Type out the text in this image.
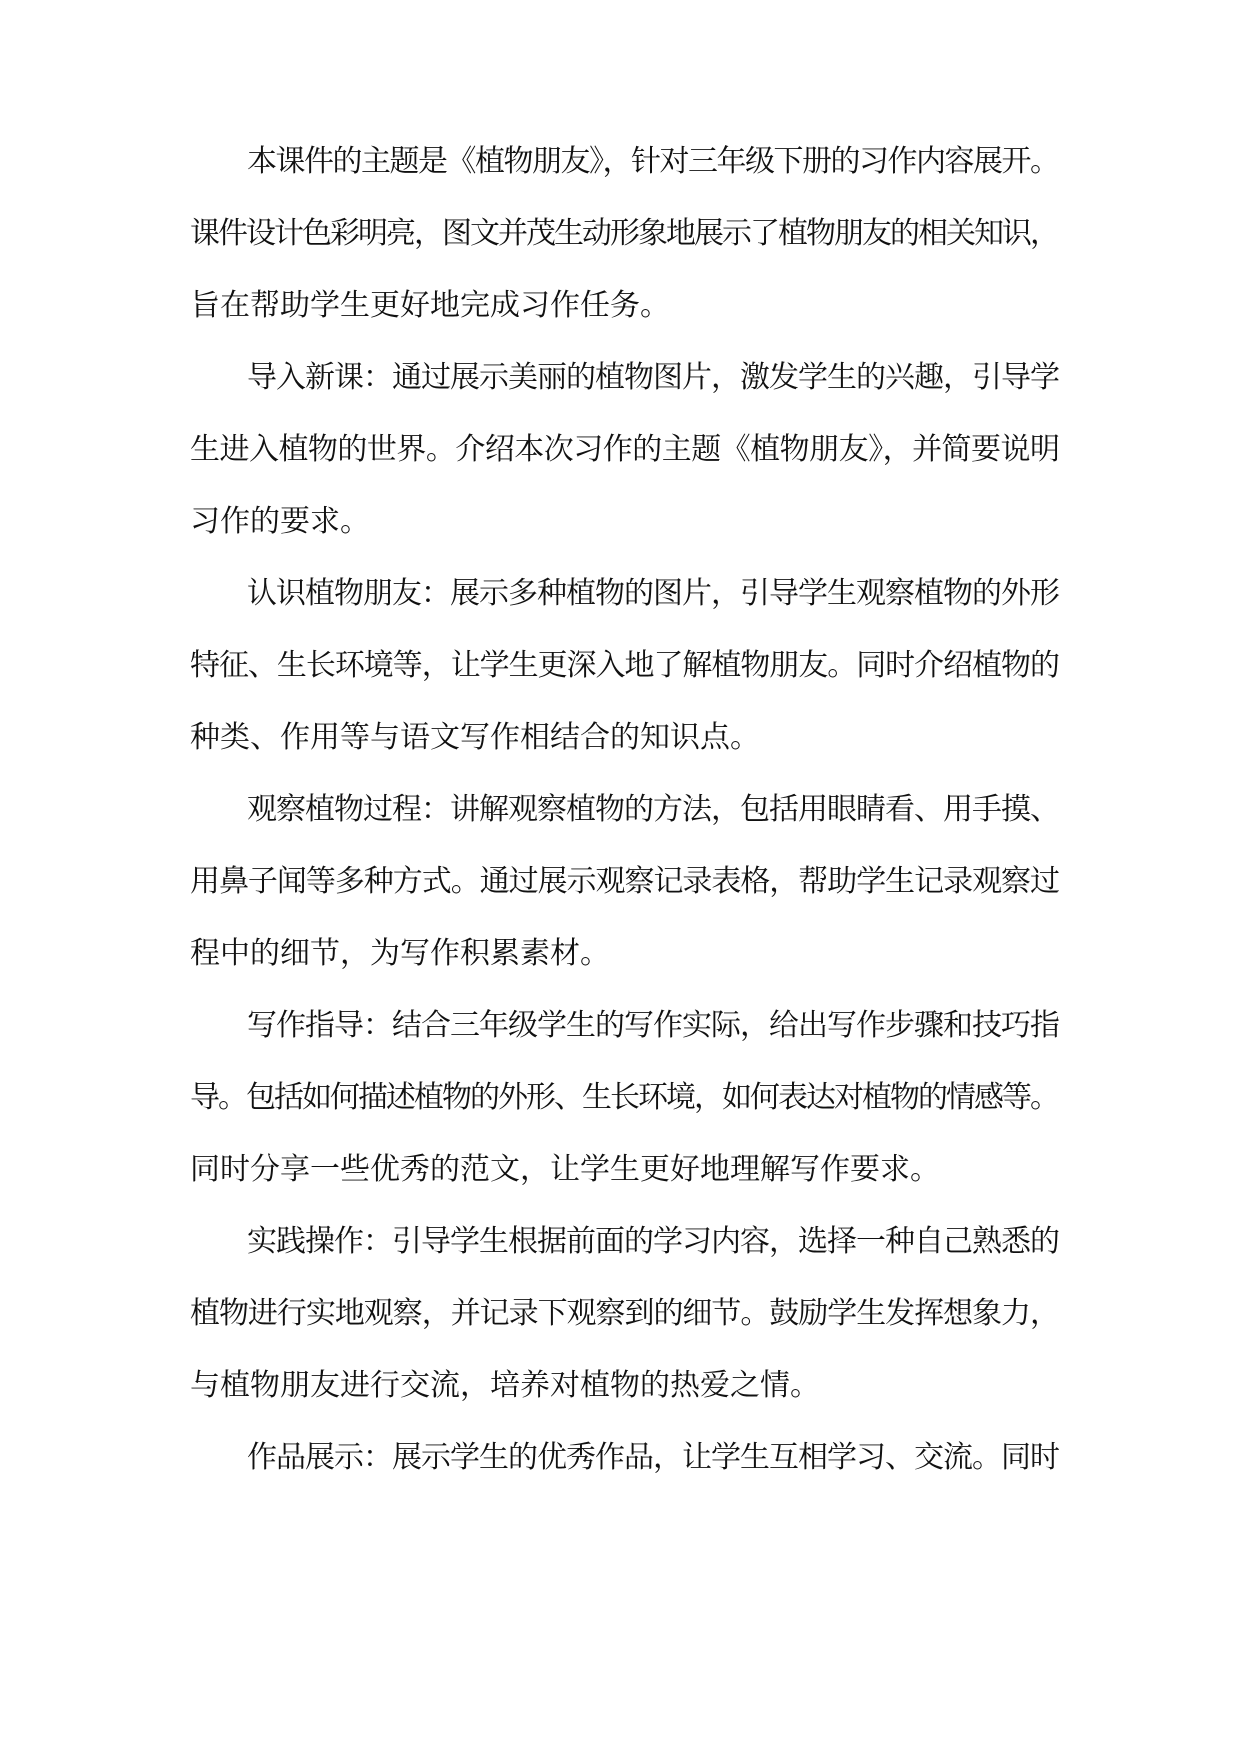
本课件的主题是《植物朋友》，针对三年级下册的习作内容展开。
课件设计色彩明亮，图文并茂生动形象地展示了植物朋友的相关知识，
旨在帮助学生更好地完成习作任务。
导入新课：通过展示美丽的植物图片，激发学生的兴趣，引导学
生进入植物的世界。介绍本次习作的主题《植物朋友》，并简要说明
习作的要求。
认识植物朋友：展示多种植物的图片，引导学生观察植物的外形
特征、生长环境等，让学生更深入地了解植物朋友。同时介绍植物的
种类、作用等与语文写作相结合的知识点。
观察植物过程：讲解观察植物的方法，包括用眼睛看、用手摸、
用鼻子闻等多种方式。通过展示观察记录表格，帮助学生记录观察过
程中的细节，为写作积累素材。
写作指导：结合三年级学生的写作实际，给出写作步骤和技巧指
导。包括如何描述植物的外形、生长环境，如何表达对植物的情感等。
同时分享一些优秀的范文，让学生更好地理解写作要求。
实践操作：引导学生根据前面的学习内容，选择一种自己熟悉的
植物进行实地观察，并记录下观察到的细节。鼓励学生发挥想象力，
与植物朋友进行交流，培养对植物的热爱之情。
作品展示：展示学生的优秀作品，让学生互相学习、交流。同时
